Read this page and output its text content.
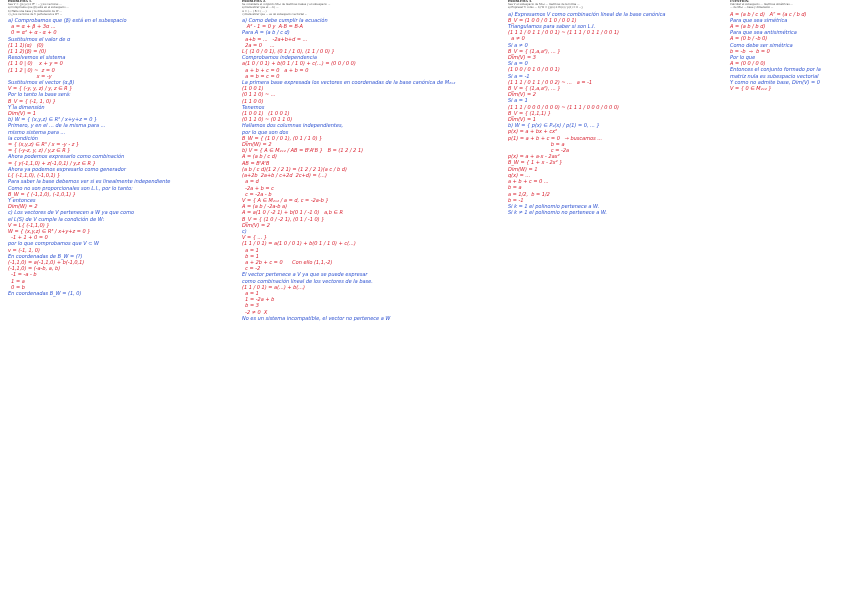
PROBLEMA 1.
Sea V = {(x,y,z) ∈ R³ : ...} los vectores ...
a) Compruebe que (β) está en el subespacio ...
b) Halle una base y la dimensión de W ...
c) ¿Los vectores de V pertenecen a W? ...
a) Comprobamos que (β) está en el subespacio
a = α + β + 3α ...
0 = α² + α - α + 0
Sustituimos el valor de α
(1 1 1)(α)   (0)
(1 1 2)(β) = (0)
Resolvemos el sistema
(1 1 0 | 0)    x + y = 0
(1 1 2 | 0) ~  z = 0
x = -y
Sustituimos el vector (α,β)
V = { (-y, y, z) / y, z ∈ R }
Por lo tanto la base será:
B_V = { (-1, 1, 0) }
Y la dimensión
Dim(V) = 1
b) W = { (x,y,z) ∈ R³ / x+y+z = 0 }
Primero, y en el ... de la misma para ...
mismo sistema para ...
la condición
= { (x,y,z) ∈ R³ / x = -y - z }
= { (-y-z, y, z) / y,z ∈ R }
Ahora podemos expresarlo como combinación
= { y(-1,1,0) + z(-1,0,1) / y,z ∈ R }
Ahora ya podemos expresarlo como generador
L{ (-1,1,0), (-1,0,1) }
Para saber la base debemos ver si es linealmente independiente
Como no son proporcionales son L.I., por lo tanto:
B_W = { (-1,1,0), (-1,0,1) }
Y entonces
Dim(W) = 2
c) Los vectores de V pertenecen a W ya que como
el L(S) de V cumple la condición de W:
V = L{ (-1,1,0) }
W = { (x,y,z) ∈ R³ / x+y+z = 0 }
-1 + 1 + 0 = 0
por lo que comprobamos que V ⊂ W
v = (-1, 1, 0)
En coordenadas de B_W = (?)
(-1,1,0) = a(-1,1,0) + b(-1,0,1)
(-1,1,0) = (-a-b, a, b)
-1 = -a - b
1 = a
0 = b
En coordenadas B_W = (1, 0)
PROBLEMA 2.
Se considera el conjunto M₂ₓ₂ de matrices reales y el subespacio ...
a) Demostrar que el ... b) ...
A = ( ... ) B = ( ... )
c) Demostrar que ... es un subespacio vectorial ...
a) Como debe cumplir la ecuación
A² - 1 = 0 y  A·B = B·A
Para A = (a b / c d)
a+b = ...   -2a+b+d = ...
2a = 0     ...
L{ (1 0 / 0 1), (0 1 / 1 0), (1 1 / 0 0) }
Comprobamos independencia
a(1 0 / 0 1) + b(0 1 / 1 0) + c(...) = (0 0 / 0 0)
a + b + c = 0   a + b = 0
a = b = c = 0
La primera base expresada los vectores en coordenadas de la base canónica de M₂ₓ₂
(1 0 0 1)
(0 1 1 0) ~ ...
(1 1 0 0)
Tenemos
(1 0 0 1)   (1 0 0 1)
(0 1 1 0) ~ (0 1 1 0)
Hallamos dos columnas independientes,
por lo que son dos
B_W = { (1 0 / 0 1), (0 1 / 1 0) }
Dim(W) = 2
b) V = { A ∈ M₂ₓ₂ / AB = BᵗAᵗB }   B = (1 2 / 2 1)
A = (a b / c d)
AB = BᵗAᵗB
(a b / c d)(1 2 / 2 1) = (1 2 / 2 1)(a c / b d)
(a+2b  2a+b / c+2d  2c+d) = (...)
a = d
-2a + b = c
c = -2a - b
V = { A ∈ M₂ₓ₂ / a = d, c = -2a-b }
A = (a b / -2a-b a)
A = a(1 0 / -2 1) + b(0 1 / -1 0)   a,b ∈ R
B_V = { (1 0 / -2 1), (0 1 / -1 0) }
Dim(V) = 2
c)
V = { ... }
(1 1 / 0 1) = a(1 0 / 0 1) + b(0 1 / 1 0) + c(...)
a = 1
b = 1
a + 2b + c = 0      Con ello (1,1,-2)
c = -2
El vector pertenece a V ya que se puede expresar
como combinación lineal de los vectores de la base.
(1 1 / 0 1) = a(...) + b(...)
a = 1
1 = -2a + b
b = 3
-2 ≠ 0  X
No es un sistema incompatible, el vector no pertenece a W
PROBLEMA 3.
Sea V el subespacio de M₃ₓ₃ ... matrices de la forma ...
a) Expresar V como ... b) W = {p(x) ∈ P₂(x) / p(1) = 0 ...}
a) Expresamos V como combinación lineal de la base canónica
B_V = (1 0 0 / 0 1 0 / 0 0 1)
Triangulamos para saber si son L.I.
(1 1 1 / 0 1 1 / 0 0 1) ~ (1 1 1 / 0 1 1 / 0 0 1)
a ≠ 0
Si a ≠ 0
B_V = { (1,a,a²), ... }
Dim(V) = 3
Si a = 0
(1 0 0 / 0 1 0 / 0 0 1)
Si a = -1
(1 1 1 / 0 1 1 / 0 0 2) ~ ...   a = -1
B_V = { (1,a,a²), ... }
Dim(V) = 2
Si a = 1
(1 1 1 / 0 0 0 / 0 0 0) ~ (1 1 1 / 0 0 0 / 0 0 0)
B_V = { (1,1,1) }
Dim(V) = 1
b) W = { p(x) ∈ P₂(x) / p(1) = 0, ... }
p(x) = a + bx + cx²
p(1) = a + b + c = 0   → buscamos ...
b = a
c = -2a
p(x) = a + a·x - 2ax²
B_W = { 1 + x - 2x² }
Dim(W) = 1
q(x) = ...
a + b + c = 0 ...
b = a
a = 1/2,  b = 1/2
b = -1
Si k = 1 el polinomio pertenece a W.
Si k ≠ 1 el polinomio no pertenece a W.
CUESTIÓN.
Calcular el subespacio ... matrices simétricas ...
... de M₂ₓ₂ ... base y dimensión ...
A = (a b / c d)   Aᵀ = (a c / b d)
Para que sea simétrica
A = (a b / b d)
Para que sea antisimétrica
A = (0 b / -b 0)
Como debe ser simétrica
b = -b  ⇒  b = 0
Por lo que
A = (0 0 / 0 0)
Entonces el conjunto formado por la
matriz nula es subespacio vectorial
Y como no admite base, Dim(V) = 0
V = { 0 ∈ M₂ₓ₂ }
